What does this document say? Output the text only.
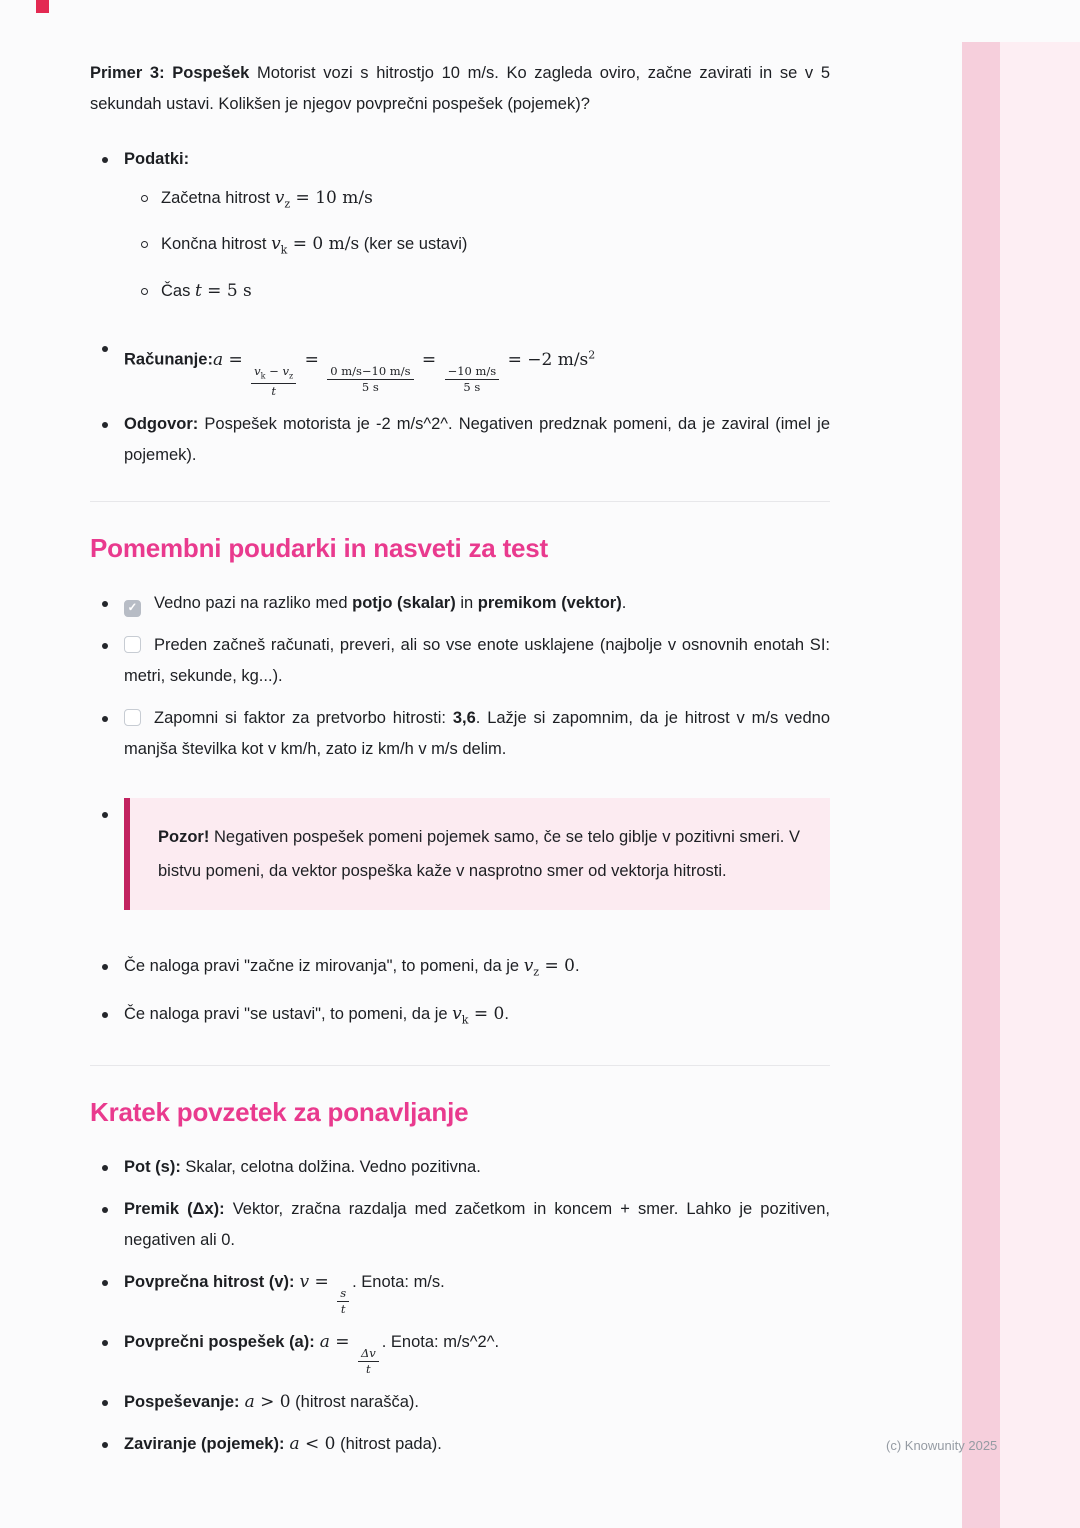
Primer 3: Pospešek Motorist vozi s hitrostjo 10 m/s. Ko zagleda oviro, začne zavirati in se v 5 sekundah ustavi. Kolikšen je njegov povprečni pospešek (pojemek)?

Podatki:
Začetna hitrost $v_z = 10$ m/s
Končna hitrost $v_k = 0$ m/s (ker se ustavi)
Čas t = 5 s
Računanje:a =
$\frac{v_k - v_z}{t}$
=
$\frac{0 m/s-10 m/s}{5 s}$
=
$\frac{-10 m/s}{5 s}$
= −2 $m/s^2$
Odgovor: Pospešek motorista je -2 m/s^2^. Negativen predznak pomeni, da je zaviral (imel je pojemek).
Pomembni poudarki in nasveti za test
✓Vedno pazi na razliko med potjo (skalar) in premikom (vektor).
Preden začneš računati, preveri, ali so vse enote usklajene (najbolje v osnovnih enotah SI: metri, sekunde, kg...).
Zapomni si faktor za pretvorbo hitrosti: 3,6. Lažje si zapomnim, da je hitrost v m/s vedno manjša številka kot v km/h, zato iz km/h v m/s delim.
Pozor! Negativen pospešek pomeni pojemek samo, če se telo giblje v pozitivni smeri. V bistvu pomeni, da vektor pospeška kaže v nasprotno smer od vektorja hitrosti.
Če naloga pravi "začne iz mirovanja", to pomeni, da je $v_z = 0$.
Če naloga pravi "se ustavi", to pomeni, da je $v_k = 0$.
Kratek povzetek za ponavljanje
Pot (s): Skalar, celotna dolžina. Vedno pozitivna.
Premik (Δx): Vektor, zračna razdalja med začetkom in koncem + smer. Lahko je pozitiven, negativen ali 0.
Povprečna hitrost (v): v =
$\frac{s}{t}$
. Enota: m/s.
Povprečni pospešek (a): a =
$\frac{\Delta v}{t}$
. Enota: m/s^2^.
Pospeševanje: a > 0 (hitrost narašča).
Zaviranje (pojemek): a < 0 (hitrost pada).	(c) Knowunity 2025
